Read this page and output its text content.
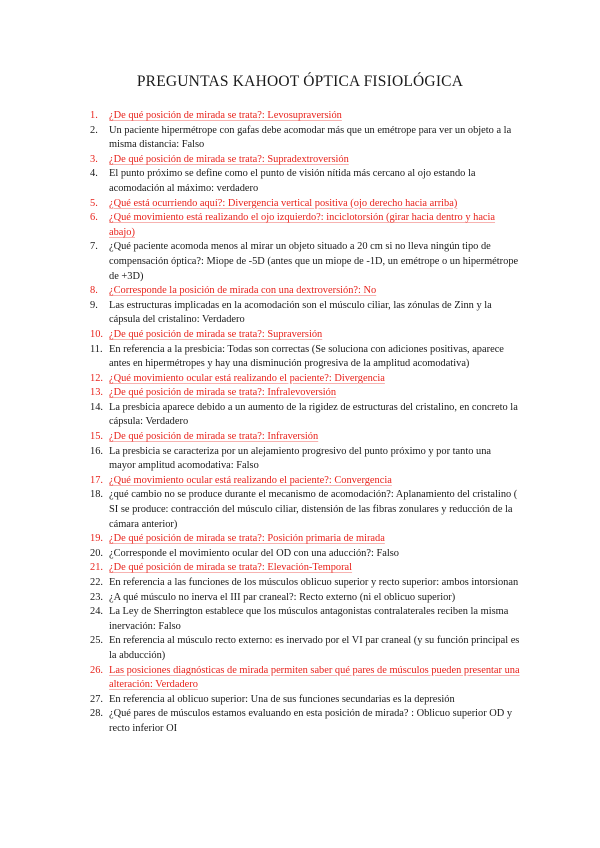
PREGUNTAS KAHOOT ÓPTICA FISIOLÓGICA
1.	¿De qué posición de mirada se trata?: Levosupraversión
2.	Un paciente hipermétrope con gafas debe acomodar más que un emétrope para ver un objeto a la misma distancia: Falso
3.	¿De qué posición de mirada se trata?: Supradextroversión
4.	El punto próximo se define como el punto de visión nítida más cercano al ojo estando la acomodación al máximo: verdadero
5.	¿Qué está ocurriendo aquí?: Divergencia vertical positiva (ojo derecho hacia arriba)
6.	¿Qué movimiento está realizando el ojo izquierdo?: inciclotorsión (girar hacia dentro y hacia abajo)
7.	¿Qué paciente acomoda menos al mirar un objeto situado a 20 cm si no lleva ningún tipo de compensación óptica?: Miope de -5D (antes que un miope de -1D, un emétrope o un hipermétrope de +3D)
8.	¿Corresponde la posición de mirada con una dextroversión?: No
9.	Las estructuras implicadas en la acomodación son el músculo ciliar, las zónulas de Zinn y la cápsula del cristalino: Verdadero
10. ¿De qué posición de mirada se trata?: Supraversión
11. En referencia a la presbicia: Todas son correctas (Se soluciona con adiciones positivas, aparece antes en hipermétropes y hay una disminución progresiva de la amplitud acomodativa)
12. ¿Qué movimiento ocular está realizando el paciente?: Divergencia
13. ¿De qué posición de mirada se trata?: Infralevoversión
14. La presbicia aparece debido a un aumento de la rigidez de estructuras del cristalino, en concreto la cápsula: Verdadero
15. ¿De qué posición de mirada se trata?: Infraversión
16. La presbicia se caracteriza por un alejamiento progresivo del punto próximo y por tanto una mayor amplitud acomodativa: Falso
17. ¿Qué movimiento ocular está realizando el paciente?: Convergencia
18. ¿qué cambio no se produce durante el mecanismo de acomodación?: Aplanamiento del cristalino ( SI se produce: contracción del músculo ciliar, distensión de las fibras zonulares y reducción de la cámara anterior)
19. ¿De qué posición de mirada se trata?: Posición primaria de mirada
20. ¿Corresponde el movimiento ocular del OD con una aducción?: Falso
21. ¿De qué posición de mirada se trata?: Elevación-Temporal
22. En referencia a las funciones de los músculos oblicuo superior y recto superior: ambos intorsionan
23. ¿A qué músculo no inerva el III par craneal?: Recto externo (ni el oblicuo superior)
24. La Ley de Sherrington establece que los músculos antagonistas contralaterales reciben la misma inervación: Falso
25. En referencia al músculo recto externo: es inervado por el VI par craneal (y su función principal es la abducción)
26. Las posiciones diagnósticas de mirada permiten saber qué pares de músculos pueden presentar una alteración: Verdadero
27. En referencia al oblicuo superior: Una de sus funciones secundarias es la depresión
28. ¿Qué pares de músculos estamos evaluando en esta posición de mirada? : Oblicuo superior OD y recto inferior OI
